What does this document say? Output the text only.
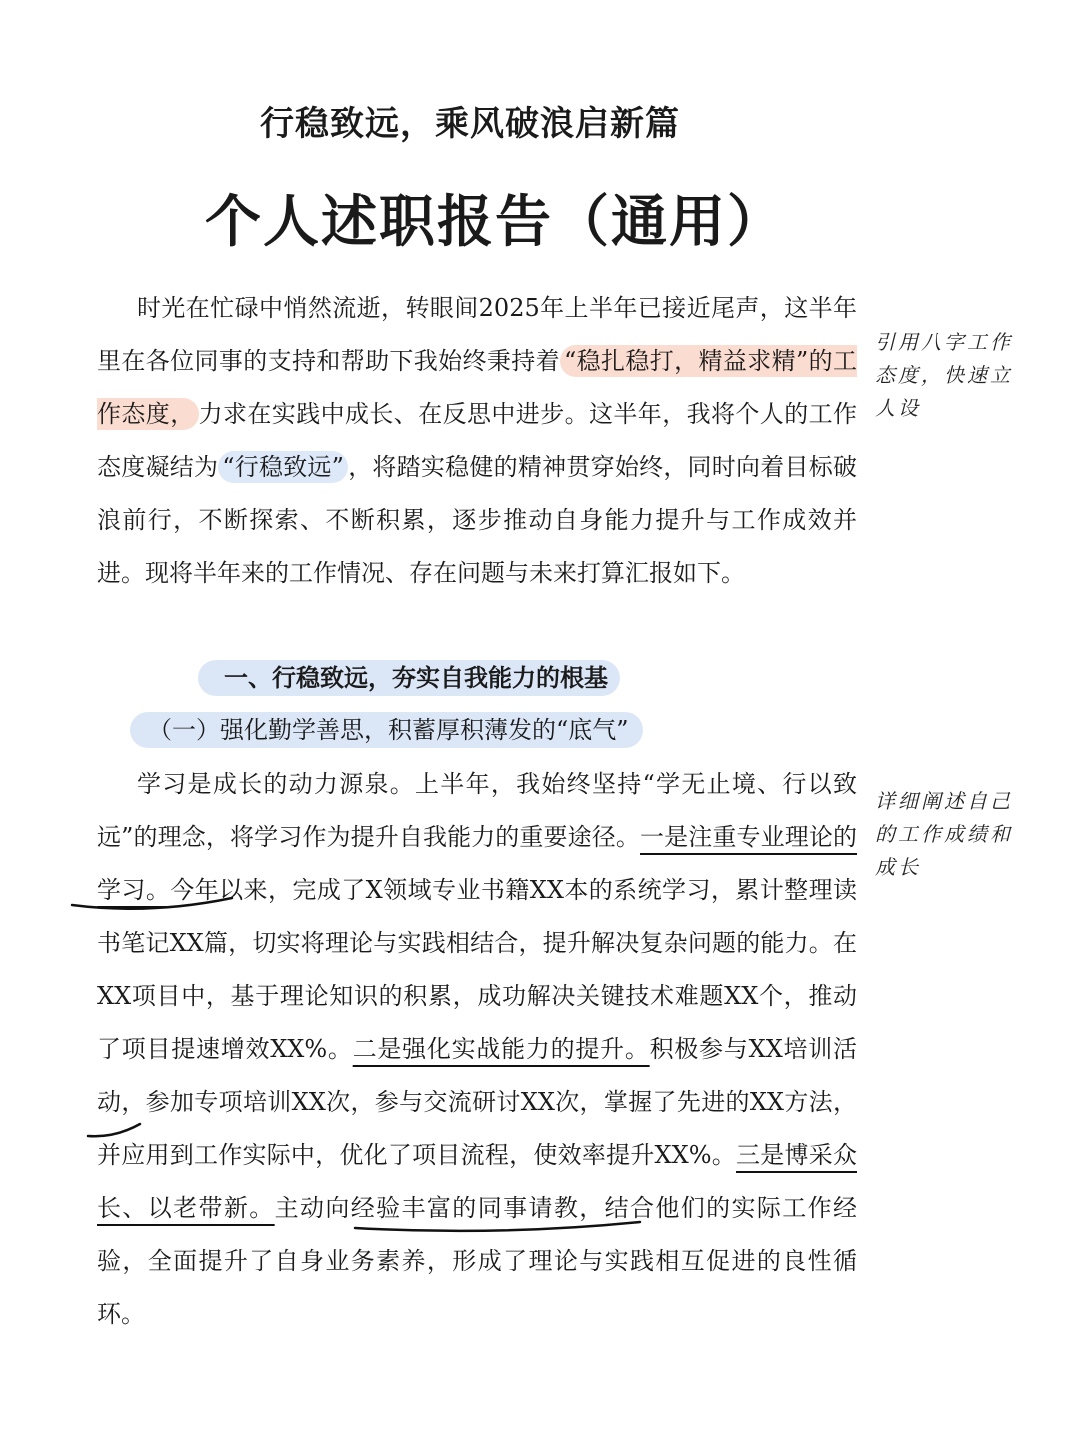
行稳致远，乘风破浪启新篇
个人述职报告（通用）

时光在忙碌中悄然流逝，转眼间2025年上半年已接近尾声，这半年里在各位同事的支持和帮助下我始终秉持着 “稳扎稳打，精益求精”的工作态度， 力求在实践中成长、在反思中进步。这半年，我将个人的工作态度凝结为 “行稳致远” ，将踏实稳健的精神贯穿始终，同时向着目标破浪前行，不断探索、不断积累，逐步推动自身能力提升与工作成效并进。现将半年来的工作情况、存在问题与未来打算汇报如下。

一、行稳致远，夯实自我能力的根基
（一）强化勤学善思，积蓄厚积薄发的“底气”

学习是成长的动力源泉。上半年，我始终坚持“学无止境、行以致远”的理念，将学习作为提升自我能力的重要途径。一是注重专业理论的学习。今年以来，完成了X领域专业书籍XX本的系统学习，累计整理读书笔记XX篇，切实将理论与实践相结合，提升解决复杂问题的能力。在XX项目中，基于理论知识的积累，成功解决关键技术难题XX个，推动了项目提速增效XX%。二是强化实战能力的提升。积极参与XX培训活动，参加专项培训XX次，参与交流研讨XX次，掌握了先进的XX方法，并应用到工作实际中，优化了项目流程，使效率提升XX%。三是博采众长、以老带新。主动向经验丰富的同事请教，结合他们的实际工作经验，全面提升了自身业务素养，形成了理论与实践相互促进的良性循环。

引用八字工作态度，快速立人设
详细阐述自己的工作成绩和成长
